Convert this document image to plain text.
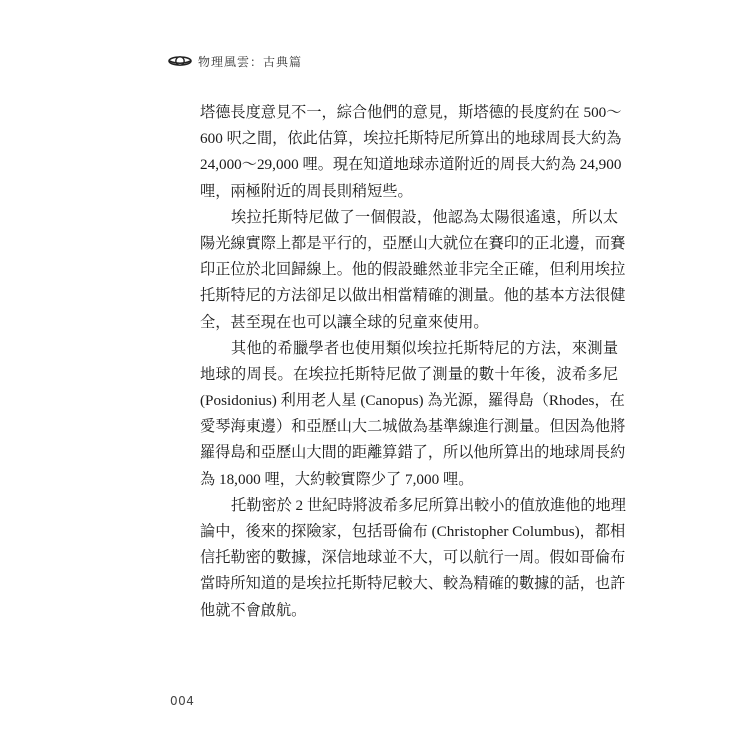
物理風雲：古典篇
塔德長度意見不一，綜合他們的意見，斯塔德的長度約在 500～
600 呎之間，依此估算，埃拉托斯特尼所算出的地球周長大約為
24,000～29,000 哩。現在知道地球赤道附近的周長大約為 24,900
哩，兩極附近的周長則稍短些。
埃拉托斯特尼做了一個假設，他認為太陽很遙遠，所以太
陽光線實際上都是平行的，亞歷山大就位在賽印的正北邊，而賽
印正位於北回歸線上。他的假設雖然並非完全正確，但利用埃拉
托斯特尼的方法卻足以做出相當精確的測量。他的基本方法很健
全，甚至現在也可以讓全球的兒童來使用。
其他的希臘學者也使用類似埃拉托斯特尼的方法，來測量
地球的周長。在埃拉托斯特尼做了測量的數十年後，波希多尼
(Posidonius) 利用老人星 (Canopus) 為光源，羅得島（Rhodes，在
愛琴海東邊）和亞歷山大二城做為基準線進行測量。但因為他將
羅得島和亞歷山大間的距離算錯了，所以他所算出的地球周長約
為 18,000 哩，大約較實際少了 7,000 哩。
托勒密於 2 世紀時將波希多尼所算出較小的值放進他的地理
論中，後來的探險家，包括哥倫布 (Christopher Columbus)，都相
信托勒密的數據，深信地球並不大，可以航行一周。假如哥倫布
當時所知道的是埃拉托斯特尼較大、較為精確的數據的話，也許
他就不會啟航。
004
